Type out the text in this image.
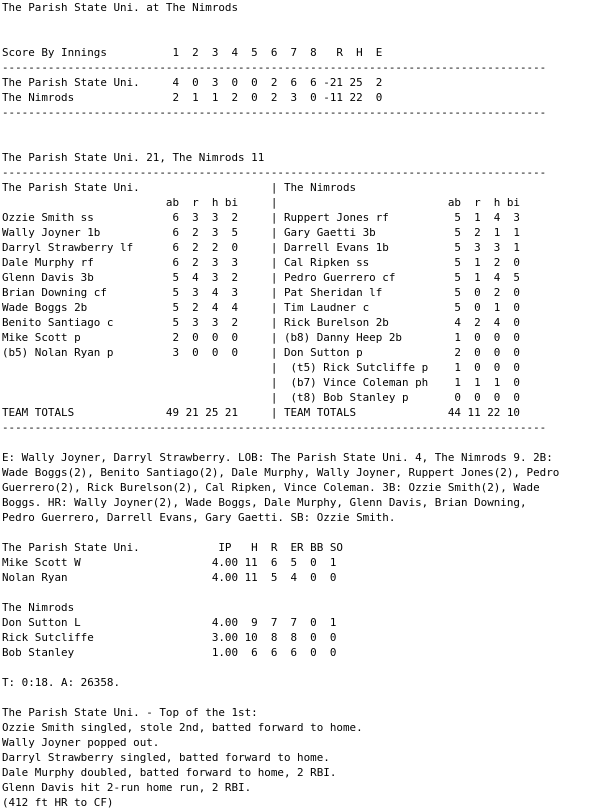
The Parish State Uni. at The Nimrods
Score By Innings          1  2  3  4  5  6  7  8   R  H  E
-----------------------------------------------------------------------------------
The Parish State Uni.     4  0  3  0  0  2  6  6 -21 25  2
The Nimrods               2  1  1  2  0  2  3  0 -11 22  0
-----------------------------------------------------------------------------------
The Parish State Uni. 21, The Nimrods 11
-----------------------------------------------------------------------------------
The Parish State Uni.                    | The Nimrods
ab  r  h bi     |                          ab  r  h bi
Ozzie Smith ss            6  3  3  2     | Ruppert Jones rf          5  1  4  3
Wally Joyner 1b           6  2  3  5     | Gary Gaetti 3b            5  2  1  1
Darryl Strawberry lf      6  2  2  0     | Darrell Evans 1b          5  3  3  1
Dale Murphy rf            6  2  3  3     | Cal Ripken ss             5  1  2  0
Glenn Davis 3b            5  4  3  2     | Pedro Guerrero cf         5  1  4  5
Brian Downing cf          5  3  4  3     | Pat Sheridan lf           5  0  2  0
Wade Boggs 2b             5  2  4  4     | Tim Laudner c             5  0  1  0
Benito Santiago c         5  3  3  2     | Rick Burelson 2b          4  2  4  0
Mike Scott p              2  0  0  0     | (b8) Danny Heep 2b        1  0  0  0
(b5) Nolan Ryan p         3  0  0  0     | Don Sutton p              2  0  0  0
|  (t5) Rick Sutcliffe p    1  0  0  0
|  (b7) Vince Coleman ph    1  1  1  0
|  (t8) Bob Stanley p       0  0  0  0
TEAM TOTALS              49 21 25 21     | TEAM TOTALS              44 11 22 10
-----------------------------------------------------------------------------------
E: Wally Joyner, Darryl Strawberry. LOB: The Parish State Uni. 4, The Nimrods 9. 2B:
Wade Boggs(2), Benito Santiago(2), Dale Murphy, Wally Joyner, Ruppert Jones(2), Pedro
Guerrero(2), Rick Burelson(2), Cal Ripken, Vince Coleman. 3B: Ozzie Smith(2), Wade
Boggs. HR: Wally Joyner(2), Wade Boggs, Dale Murphy, Glenn Davis, Brian Downing,
Pedro Guerrero, Darrell Evans, Gary Gaetti. SB: Ozzie Smith.
The Parish State Uni.            IP   H  R  ER BB SO
Mike Scott W                    4.00 11  6  5  0  1
Nolan Ryan                      4.00 11  5  4  0  0
The Nimrods
Don Sutton L                    4.00  9  7  7  0  1
Rick Sutcliffe                  3.00 10  8  8  0  0
Bob Stanley                     1.00  6  6  6  0  0
T: 0:18. A: 26358.
The Parish State Uni. - Top of the 1st:
Ozzie Smith singled, stole 2nd, batted forward to home.
Wally Joyner popped out.
Darryl Strawberry singled, batted forward to home.
Dale Murphy doubled, batted forward to home, 2 RBI.
Glenn Davis hit 2-run home run, 2 RBI.
(412 ft HR to CF)
